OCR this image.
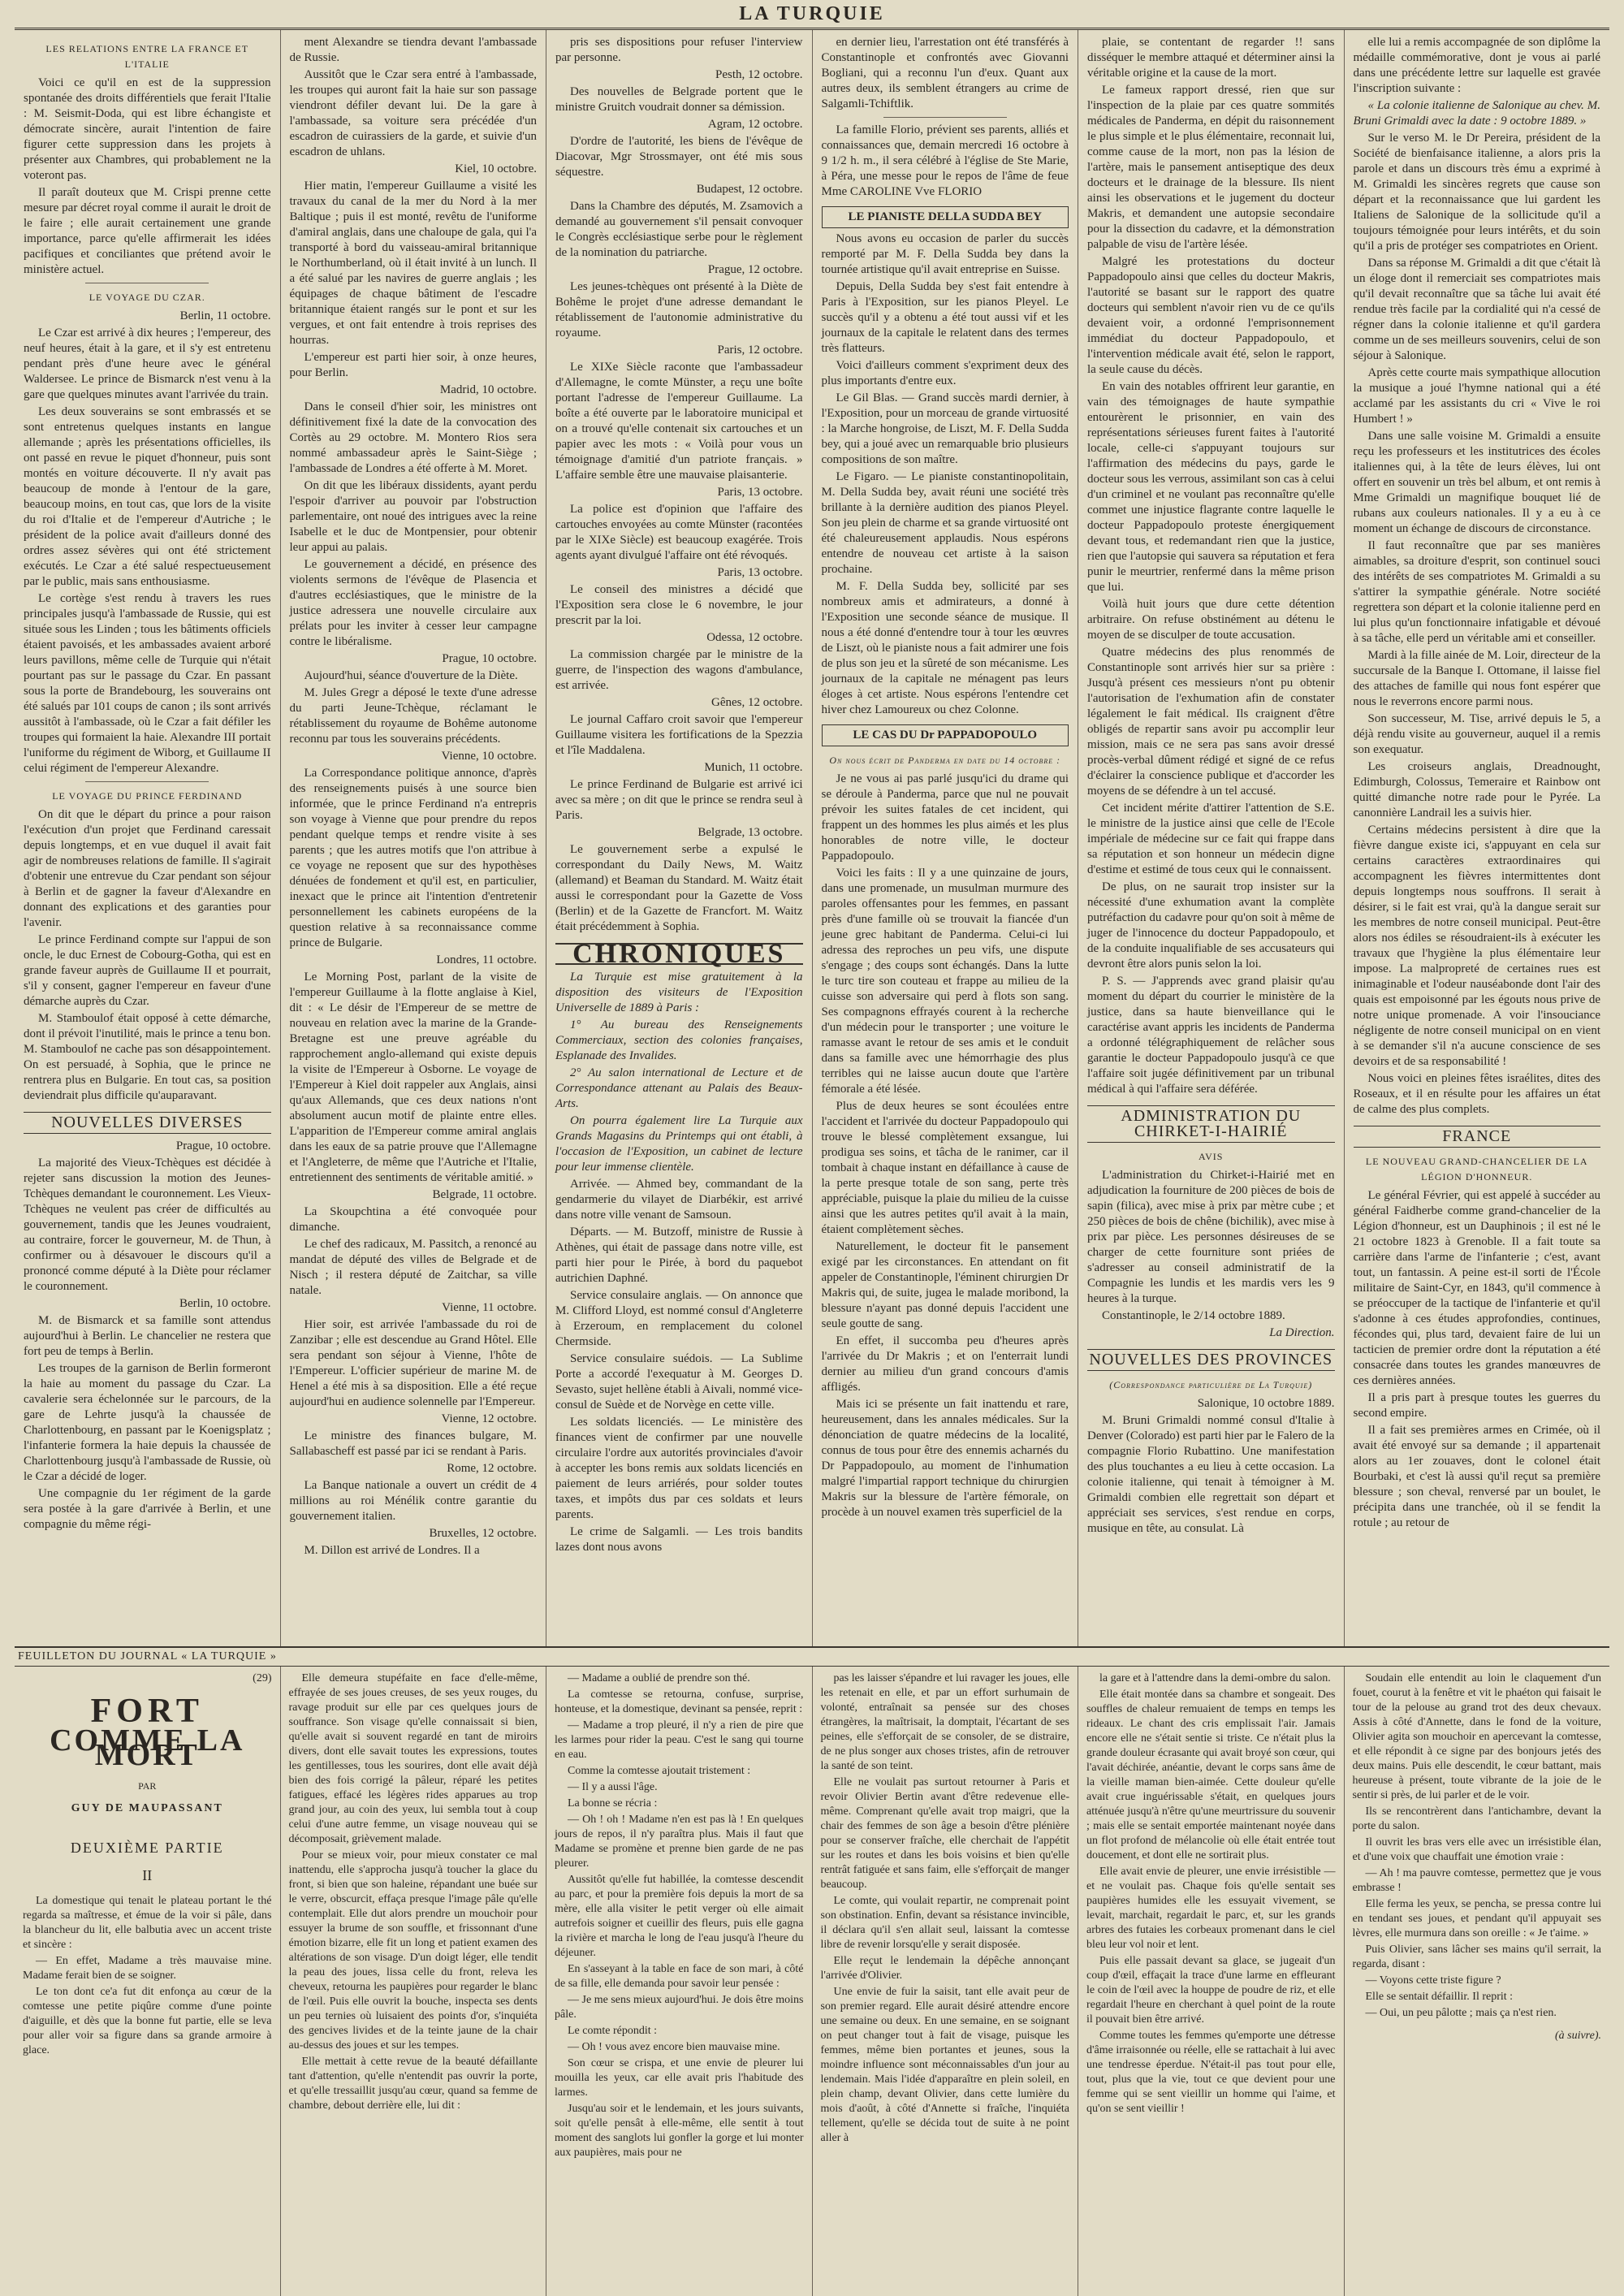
LA TURQUIE
LES RELATIONS ENTRE LA FRANCE ET L'ITALIE

Voici ce qu'il en est de la suppression spontanée des droits différentiels que ferait l'Italie : M. Seismit-Doda, qui est libre échangiste et démocrate sincère, aurait l'intention de faire figurer cette suppression dans les projets à présenter aux Chambres, qui probablement ne la voteront pas.

Il paraît douteux que M. Crispi prenne cette mesure par décret royal comme il aurait le droit de le faire ; elle aurait certainement une grande importance, parce qu'elle affirmerait les idées pacifiques et conciliantes que prétend avoir le ministère actuel.

LE VOYAGE DU CZAR.
Berlin, 11 octobre.

Le Czar est arrivé à dix heures ; l'empereur, des neuf heures, était à la gare, et il s'y est entretenu pendant près d'une heure avec le général Waldersee. Le prince de Bismarck n'est venu à la gare que quelques minutes avant l'arrivée du train.

Les deux souverains se sont embrassés et se sont entretenus quelques instants en langue allemande ; après les présentations officielles, ils ont passé en revue le piquet d'honneur, puis sont montés en voiture découverte. Il n'y avait pas beaucoup de monde à l'entour de la gare, beaucoup moins, en tout cas, que lors de la visite du roi d'Italie et de l'empereur d'Autriche ; le président de la police avait d'ailleurs donné des ordres assez sévères qui ont été strictement exécutés. Le Czar a été salué respectueusement par le public, mais sans enthousiasme.

Le cortège s'est rendu à travers les rues principales jusqu'à l'ambassade de Russie, qui est située sous les Linden ; tous les bâtiments officiels étaient pavoisés, et les ambassades avaient arboré leurs pavillons, même celle de Turquie qui n'était pourtant pas sur le passage du Czar. En passant sous la porte de Brandebourg, les souverains ont été salués par 101 coups de canon ; ils sont arrivés aussitôt à l'ambassade, où le Czar a fait défiler les troupes qui formaient la haie. Alexandre III portait l'uniforme du régiment de Wiborg, et Guillaume II celui régiment de l'empereur Alexandre.

LE VOYAGE DU PRINCE FERDINAND

On dit que le départ du prince a pour raison l'exécution d'un projet que Ferdinand caressait depuis longtemps, et en vue duquel il avait fait agir de nombreuses relations de famille. Il s'agirait d'obtenir une entrevue du Czar pendant son séjour à Berlin et de gagner la faveur d'Alexandre en donnant des explications et des garanties pour l'avenir.

Le prince Ferdinand compte sur l'appui de son oncle, le duc Ernest de Cobourg-Gotha, qui est en grande faveur auprès de Guillaume II et pourrait, s'il y consent, gagner l'empereur en faveur d'une démarche auprès du Czar.

M. Stamboulof était opposé à cette démarche, dont il prévoit l'inutilité, mais le prince a tenu bon. M. Stamboulof ne cache pas son désappointement. On est persuadé, à Sophia, que le prince ne rentrera plus en Bulgarie. En tout cas, sa position deviendrait plus difficile qu'auparavant.

NOUVELLES DIVERSES
Prague, 10 octobre.

La majorité des Vieux-Tchèques est décidée à rejeter sans discussion la motion des Jeunes-Tchèques demandant le couronnement. Les Vieux-Tchèques ne veulent pas créer de difficultés au gouvernement, tandis que les Jeunes voudraient, au contraire, forcer le gouverneur, M. de Thun, à confirmer ou à désavouer le discours qu'il a prononcé comme député à la Diète pour réclamer le couronnement.

Berlin, 10 octobre.

M. de Bismarck et sa famille sont attendus aujourd'hui à Berlin. Le chancelier ne restera que fort peu de temps à Berlin.

Les troupes de la garnison de Berlin formeront la haie au moment du passage du Czar. La cavalerie sera échelonnée sur le parcours, de la gare de Lehrte jusqu'à la chaussée de Charlottenbourg, en passant par le Koenigsplatz ; l'infanterie formera la haie depuis la chaussée de Charlottenbourg jusqu'à l'ambassade de Russie, où le Czar a décidé de loger.

Une compagnie du 1er régiment de la garde sera postée à la gare d'arrivée à Berlin, et une compagnie du même régi-

ment Alexandre se tiendra devant l'ambassade de Russie.

Aussitôt que le Czar sera entré à l'ambassade, les troupes qui auront fait la haie sur son passage viendront défiler devant lui. De la gare à l'ambassade, sa voiture sera précédée d'un escadron de cuirassiers de la garde, et suivie d'un escadron de uhlans.

Kiel, 10 octobre.

Hier matin, l'empereur Guillaume a visité les travaux du canal de la mer du Nord à la mer Baltique ; puis il est monté, revêtu de l'uniforme d'amiral anglais, dans une chaloupe de gala, qui l'a transporté à bord du vaisseau-amiral britannique le Northumberland, où il était invité à un lunch. Il a été salué par les navires de guerre anglais ; les équipages de chaque bâtiment de l'escadre britannique étaient rangés sur le pont et sur les vergues, et ont fait entendre à trois reprises des hourras.

L'empereur est parti hier soir, à onze heures, pour Berlin.

Madrid, 10 octobre.

Dans le conseil d'hier soir, les ministres ont définitivement fixé la date de la convocation des Cortès au 29 octobre. M. Montero Rios sera nommé ambassadeur après le Saint-Siège ; l'ambassade de Londres a été offerte à M. Moret.

On dit que les libéraux dissidents, ayant perdu l'espoir d'arriver au pouvoir par l'obstruction parlementaire, ont noué des intrigues avec la reine Isabelle et le duc de Montpensier, pour obtenir leur appui au palais.

Le gouvernement a décidé, en présence des violents sermons de l'évêque de Plasencia et d'autres ecclésiastiques, que le ministre de la justice adressera une nouvelle circulaire aux prélats pour les inviter à cesser leur campagne contre le libéralisme.

Prague, 10 octobre.

Aujourd'hui, séance d'ouverture de la Diète.

M. Jules Gregr a déposé le texte d'une adresse du parti Jeune-Tchèque, réclamant le rétablissement du royaume de Bohême autonome reconnu par tous les souverains précédents.

Vienne, 10 octobre.

La Correspondance politique annonce, d'après des renseignements puisés à une source bien informée, que le prince Ferdinand n'a entrepris son voyage à Vienne que pour prendre du repos pendant quelque temps et rendre visite à ses parents ; que les autres motifs que l'on attribue à ce voyage ne reposent que sur des hypothèses dénuées de fondement et qu'il est, en particulier, inexact que le prince ait l'intention d'entretenir personnellement les cabinets européens de la question relative à sa reconnaissance comme prince de Bulgarie.

Londres, 11 octobre.

Le Morning Post, parlant de la visite de l'empereur Guillaume à la flotte anglaise à Kiel, dit : « Le désir de l'Empereur de se mettre de nouveau en relation avec la marine de la Grande-Bretagne est une preuve agréable du rapprochement anglo-allemand qui existe depuis la visite de l'Empereur à Osborne. Le voyage de l'Empereur à Kiel doit rappeler aux Anglais, ainsi qu'aux Allemands, que ces deux nations n'ont absolument aucun motif de plainte entre elles. L'apparition de l'Empereur comme amiral anglais dans les eaux de sa patrie prouve que l'Allemagne et l'Angleterre, de même que l'Autriche et l'Italie, entretiennent des sentiments de véritable amitié. »

Belgrade, 11 octobre.

La Skoupchtina a été convoquée pour dimanche.

Le chef des radicaux, M. Passitch, a renoncé au mandat de député des villes de Belgrade et de Nisch ; il restera député de Zaitchar, sa ville natale.

Vienne, 11 octobre.

Hier soir, est arrivée l'ambassade du roi de Zanzibar ; elle est descendue au Grand Hôtel. Elle sera pendant son séjour à Vienne, l'hôte de l'Empereur. L'officier supérieur de marine M. de Henel a été mis à sa disposition. Elle a été reçue aujourd'hui en audience solennelle par l'Empereur.

Vienne, 12 octobre.

Le ministre des finances bulgare, M. Sallabascheff est passé par ici se rendant à Paris.

Rome, 12 octobre.

La Banque nationale a ouvert un crédit de 4 millions au roi Ménélik contre garantie du gouvernement italien.

Bruxelles, 12 octobre.

M. Dillon est arrivé de Londres. Il a

pris ses dispositions pour refuser l'interview par personne.

Pesth, 12 octobre.

Des nouvelles de Belgrade portent que le ministre Gruitch voudrait donner sa démission.

Agram, 12 octobre.

D'ordre de l'autorité, les biens de l'évêque de Diacovar, Mgr Strossmayer, ont été mis sous séquestre.

Budapest, 12 octobre.

Dans la Chambre des députés, M. Zsamovich a demandé au gouvernement s'il pensait convoquer le Congrès ecclésiastique serbe pour le règlement de la nomination du patriarche.

Prague, 12 octobre.

Les jeunes-tchèques ont présenté à la Diète de Bohême le projet d'une adresse demandant le rétablissement de l'autonomie administrative du royaume.

Paris, 12 octobre.

Le XIXe Siècle raconte que l'ambassadeur d'Allemagne, le comte Münster, a reçu une boîte portant l'adresse de l'empereur Guillaume. La boîte a été ouverte par le laboratoire municipal et on a trouvé qu'elle contenait six cartouches et un papier avec les mots : « Voilà pour vous un témoignage d'amitié d'un patriote français. » L'affaire semble être une mauvaise plaisanterie.

Paris, 13 octobre.

La police est d'opinion que l'affaire des cartouches envoyées au comte Münster (racontées par le XIXe Siècle) est beaucoup exagérée. Trois agents ayant divulgué l'affaire ont été révoqués.

Paris, 13 octobre.

Le conseil des ministres a décidé que l'Exposition sera close le 6 novembre, le jour prescrit par la loi.

Odessa, 12 octobre.

La commission chargée par le ministre de la guerre, de l'inspection des wagons d'ambulance, est arrivée.

Gênes, 12 octobre.

Le journal Caffaro croit savoir que l'empereur Guillaume visitera les fortifications de la Spezzia et l'île Maddalena.

Munich, 11 octobre.

Le prince Ferdinand de Bulgarie est arrivé ici avec sa mère ; on dit que le prince se rendra seul à Paris.

Belgrade, 13 octobre.

Le gouvernement serbe a expulsé le correspondant du Daily News, M. Waitz (allemand) et Beaman du Standard. M. Waitz était aussi le correspondant pour la Gazette de Voss (Berlin) et de la Gazette de Francfort. M. Waitz était précédemment à Sophia.

CHRONIQUES

La Turquie est mise gratuitement à la disposition des visiteurs de l'Exposition Universelle de 1889 à Paris :

1° Au bureau des Renseignements Commerciaux, section des colonies françaises, Esplanade des Invalides.

2° Au salon international de Lecture et de Correspondance attenant au Palais des Beaux-Arts.

On pourra également lire La Turquie aux Grands Magasins du Printemps qui ont établi, à l'occasion de l'Exposition, un cabinet de lecture pour leur immense clientèle.

Arrivée. — Ahmed bey, commandant de la gendarmerie du vilayet de Diarbékir, est arrivé dans notre ville venant de Samsoun.

Départs. — M. Butzoff, ministre de Russie à Athènes, qui était de passage dans notre ville, est parti hier pour le Pirée, à bord du paquebot autrichien Daphné.

Service consulaire anglais. — On annonce que M. Clifford Lloyd, est nommé consul d'Angleterre à Erzeroum, en remplacement du colonel Chermside.

Service consulaire suédois. — La Sublime Porte a accordé l'exequatur à M. Georges D. Sevasto, sujet hellène établi à Aivali, nommé vice-consul de Suède et de Norvège en cette ville.

Les soldats licenciés. — Le ministère des finances vient de confirmer par une nouvelle circulaire l'ordre aux autorités provinciales d'avoir à accepter les bons remis aux soldats licenciés en paiement de leurs arriérés, pour solder toutes taxes, et impôts dus par ces soldats et leurs parents.

Le crime de Salgamli. — Les trois bandits lazes dont nous avons

en dernier lieu, l'arrestation ont été transférés à Constantinople et confrontés avec Giovanni Bogliani, qui a reconnu l'un d'eux. Quant aux autres deux, ils semblent étrangers au crime de Salgamli-Tchiftlik.

La famille Florio, prévient ses parents, alliés et connaissances que, demain mercredi 16 octobre à 9 1/2 h. m., il sera célébré à l'église de Ste Marie, à Péra, une messe pour le repos de l'âme de feue Mme CAROLINE Vve FLORIO

LE PIANISTE DELLA SUDDA BEY

Nous avons eu occasion de parler du succès remporté par M. F. Della Sudda bey dans la tournée artistique qu'il avait entreprise en Suisse.

Depuis, Della Sudda bey s'est fait entendre à Paris à l'Exposition, sur les pianos Pleyel. Le succès qu'il y a obtenu a été tout aussi vif et les journaux de la capitale le relatent dans des termes très flatteurs.

Voici d'ailleurs comment s'expriment deux des plus importants d'entre eux.

Le Gil Blas. — Grand succès mardi dernier, à l'Exposition, pour un morceau de grande virtuosité : la Marche hongroise, de Liszt, M. F. Della Sudda bey, qui a joué avec un remarquable brio plusieurs compositions de son maître.

Le Figaro. — Le pianiste constantinopolitain, M. Della Sudda bey, avait réuni une société très brillante à la dernière audition des pianos Pleyel. Son jeu plein de charme et sa grande virtuosité ont été chaleureusement applaudis. Nous espérons entendre de nouveau cet artiste à la saison prochaine.

M. F. Della Sudda bey, sollicité par ses nombreux amis et admirateurs, a donné à l'Exposition une seconde séance de musique. Il nous a été donné d'entendre tour à tour les œuvres de Liszt, où le pianiste nous a fait admirer une fois de plus son jeu et la sûreté de son mécanisme. Les journaux de la capitale ne ménagent pas leurs éloges à cet artiste. Nous espérons l'entendre cet hiver chez Lamoureux ou chez Colonne.

LE CAS DU Dr PAPPADOPOULO
On nous écrit de Panderma en date du 14 octobre :

Je ne vous ai pas parlé jusqu'ici du drame qui se déroule à Panderma, parce que nul ne pouvait prévoir les suites fatales de cet incident, qui frappent un des hommes les plus aimés et les plus honorables de notre ville, le docteur Pappadopoulo.

Voici les faits : Il y a une quinzaine de jours, dans une promenade, un musulman murmure des paroles offensantes pour les femmes, en passant près d'une famille où se trouvait la fiancée d'un jeune grec habitant de Panderma. Celui-ci lui adressa des reproches un peu vifs, une dispute s'engage ; des coups sont échangés. Dans la lutte le turc tire son couteau et frappe au milieu de la cuisse son adversaire qui perd à flots son sang. Ses compagnons effrayés courent à la recherche d'un médecin pour le transporter ; une voiture le ramasse avant le retour de ses amis et le conduit dans sa famille avec une hémorrhagie des plus terribles qui ne laisse aucun doute que l'artère fémorale a été lésée.

Plus de deux heures se sont écoulées entre l'accident et l'arrivée du docteur Pappadopoulo qui trouve le blessé complètement exsangue, lui prodigua ses soins, et tâcha de le ranimer, car il tombait à chaque instant en défaillance à cause de la perte presque totale de son sang, perte très appréciable, puisque la plaie du milieu de la cuisse ainsi que les autres petites qu'il avait à la main, étaient complètement sèches.

Naturellement, le docteur fit le pansement exigé par les circonstances. En attendant on fit appeler de Constantinople, l'éminent chirurgien Dr Makris qui, de suite, jugea le malade moribond, la blessure n'ayant pas donné depuis l'accident une seule goutte de sang.

En effet, il succomba peu d'heures après l'arrivée du Dr Makris ; et on l'enterrait lundi dernier au milieu d'un grand concours d'amis affligés.

Mais ici se présente un fait inattendu et rare, heureusement, dans les annales médicales. Sur la dénonciation de quatre médecins de la localité, connus de tous pour être des ennemis acharnés du Dr Pappadopoulo, au moment de l'inhumation malgré l'impartial rapport technique du chirurgien Makris sur la blessure de l'artère fémorale, on procède à un nouvel examen très superficiel de la

plaie, se contentant de regarder !! sans disséquer le membre attaqué et déterminer ainsi la véritable origine et la cause de la mort.

Le fameux rapport dressé, rien que sur l'inspection de la plaie par ces quatre sommités médicales de Panderma, en dépit du raisonnement le plus simple et le plus élémentaire, reconnait lui, comme cause de la mort, non pas la lésion de l'artère, mais le pansement antiseptique des deux docteurs et le drainage de la blessure. Ils nient ainsi les observations et le jugement du docteur Makris, et demandent une autopsie secondaire pour la dissection du cadavre, et la démonstration palpable de visu de l'artère lésée.

Malgré les protestations du docteur Pappadopoulo ainsi que celles du docteur Makris, l'autorité se basant sur le rapport des quatre docteurs qui semblent n'avoir rien vu de ce qu'ils devaient voir, a ordonné l'emprisonnement immédiat du docteur Pappadopoulo, et l'intervention médicale avait été, selon le rapport, la seule cause du décès.

En vain des notables offrirent leur garantie, en vain des témoignages de haute sympathie entourèrent le prisonnier, en vain des représentations sérieuses furent faites à l'autorité locale, celle-ci s'appuyant toujours sur l'affirmation des médecins du pays, garde le docteur sous les verrous, assimilant son cas à celui d'un criminel et ne voulant pas reconnaître qu'elle commet une injustice flagrante contre laquelle le docteur Pappadopoulo proteste énergiquement devant tous, et redemandant rien que la justice, rien que l'autopsie qui sauvera sa réputation et fera punir le meurtrier, renfermé dans la même prison que lui.

Voilà huit jours que dure cette détention arbitraire. On refuse obstinément au détenu le moyen de se disculper de toute accusation.

Quatre médecins des plus renommés de Constantinople sont arrivés hier sur sa prière : Jusqu'à présent ces messieurs n'ont pu obtenir l'autorisation de l'exhumation afin de constater légalement le fait médical. Ils craignent d'être obligés de repartir sans avoir pu accomplir leur mission, mais ce ne sera pas sans avoir dressé procès-verbal dûment rédigé et signé de ce refus d'éclairer la conscience publique et d'accorder les moyens de se défendre à un tel accusé.

Cet incident mérite d'attirer l'attention de S.E. le ministre de la justice ainsi que celle de l'Ecole impériale de médecine sur ce fait qui frappe dans sa réputation et son honneur un médecin digne d'estime et estimé de tous ceux qui le connaissent.

De plus, on ne saurait trop insister sur la nécessité d'une exhumation avant la complète putréfaction du cadavre pour qu'on soit à même de juger de l'innocence du docteur Pappadopoulo, et de la conduite inqualifiable de ses accusateurs qui devront être alors punis selon la loi.

P. S. — J'apprends avec grand plaisir qu'au moment du départ du courrier le ministère de la justice, dans sa haute bienveillance qui le caractérise avant appris les incidents de Panderma a ordonné télégraphiquement de relâcher sous garantie le docteur Pappadopoulo jusqu'à ce que l'affaire soit jugée définitivement par un tribunal médical à qui l'affaire sera déférée.

ADMINISTRATION DU CHIRKET-I-HAIRIÉ
AVIS

L'administration du Chirket-i-Hairié met en adjudication la fourniture de 200 pièces de bois de sapin (filica), avec mise à prix par mètre cube ; et 250 pièces de bois de chêne (bichilik), avec mise à prix par pièce. Les personnes désireuses de se charger de cette fourniture sont priées de s'adresser au conseil administratif de la Compagnie les lundis et les mardis vers les 9 heures à la turque.

Constantinople, le 2/14 octobre 1889.

La Direction.
NOUVELLES DES PROVINCES
(Correspondance particulière de La Turquie)
Salonique, 10 octobre 1889.

M. Bruni Grimaldi nommé consul d'Italie à Denver (Colorado) est parti hier par le Falero de la compagnie Florio Rubattino. Une manifestation des plus touchantes a eu lieu à cette occasion. La colonie italienne, qui tenait à témoigner à M. Grimaldi combien elle regrettait son départ et appréciait ses services, s'est rendue en corps, musique en tête, au consulat. Là

elle lui a remis accompagnée de son diplôme la médaille commémorative, dont je vous ai parlé dans une précédente lettre sur laquelle est gravée l'inscription suivante :

« La colonie italienne de Salonique au chev. M. Bruni Grimaldi avec la date : 9 octobre 1889. »

Sur le verso M. le Dr Pereira, président de la Société de bienfaisance italienne, a alors pris la parole et dans un discours très ému a exprimé à M. Grimaldi les sincères regrets que cause son départ et la reconnaissance que lui gardent les Italiens de Salonique de la sollicitude qu'il a toujours témoignée pour leurs intérêts, et du soin qu'il a pris de protéger ses compatriotes en Orient.

Dans sa réponse M. Grimaldi a dit que c'était là un éloge dont il remerciait ses compatriotes mais qu'il devait reconnaître que sa tâche lui avait été rendue très facile par la cordialité qui n'a cessé de régner dans la colonie italienne et qu'il gardera comme un de ses meilleurs souvenirs, celui de son séjour à Salonique.

Après cette courte mais sympathique allocution la musique a joué l'hymne national qui a été acclamé par les assistants du cri « Vive le roi Humbert ! »

Dans une salle voisine M. Grimaldi a ensuite reçu les professeurs et les institutrices des écoles italiennes qui, à la tête de leurs élèves, lui ont offert en souvenir un très bel album, et ont remis à Mme Grimaldi un magnifique bouquet lié de rubans aux couleurs nationales. Il y a eu à ce moment un échange de discours de circonstance.

Il faut reconnaître que par ses manières aimables, sa droiture d'esprit, son continuel souci des intérêts de ses compatriotes M. Grimaldi a su s'attirer la sympathie générale. Notre société regrettera son départ et la colonie italienne perd en lui plus qu'un fonctionnaire infatigable et dévoué à sa tâche, elle perd un véritable ami et conseiller.

Mardi à la fille ainée de M. Loir, directeur de la succursale de la Banque I. Ottomane, il laisse fiel des attaches de famille qui nous font espérer que nous le reverrons encore parmi nous.

Son successeur, M. Tise, arrivé depuis le 5, a déjà rendu visite au gouverneur, auquel il a remis son exequatur.

Les croiseurs anglais, Dreadnought, Edimburgh, Colossus, Temeraire et Rainbow ont quitté dimanche notre rade pour le Pyrée. La canonnière Landrail les a suivis hier.

Certains médecins persistent à dire que la fièvre dangue existe ici, s'appuyant en cela sur certains caractères extraordinaires qui accompagnent les fièvres intermittentes dont depuis longtemps nous souffrons. Il serait à désirer, si le fait est vrai, qu'à la dangue serait sur les membres de notre conseil municipal. Peut-être alors nos édiles se résoudraient-ils à exécuter les travaux que l'hygiène la plus élémentaire leur impose. La malpropreté de certaines rues est inimaginable et l'odeur nauséabonde dont l'air des quais est empoisonné par les égouts nous prive de notre unique promenade. A voir l'insouciance négligente de notre conseil municipal on en vient à se demander s'il n'a aucune conscience de ses devoirs et de sa responsabilité !

Nous voici en pleines fêtes israélites, dites des Roseaux, et il en résulte pour les affaires un état de calme des plus complets.

FRANCE
LE NOUVEAU GRAND-CHANCELIER DE LA LÉGION D'HONNEUR.

Le général Février, qui est appelé à succéder au général Faidherbe comme grand-chancelier de la Légion d'honneur, est un Dauphinois ; il est né le 21 octobre 1823 à Grenoble. Il a fait toute sa carrière dans l'arme de l'infanterie ; c'est, avant tout, un fantassin. A peine est-il sorti de l'École militaire de Saint-Cyr, en 1843, qu'il commence à se préoccuper de la tactique de l'infanterie et qu'il s'adonne à ces études approfondies, continues, fécondes qui, plus tard, devaient faire de lui un tacticien de premier ordre dont la réputation a été consacrée dans toutes les grandes manœuvres de ces dernières années.

Il a pris part à presque toutes les guerres du second empire.

Il a fait ses premières armes en Crimée, où il avait été envoyé sur sa demande ; il appartenait alors au 1er zouaves, dont le colonel était Bourbaki, et c'est là aussi qu'il reçut sa première blessure ; son cheval, renversé par un boulet, le précipita dans une tranchée, où il se fendit la rotule ; au retour de

FEUILLETON DU JOURNAL « LA TURQUIE »
(29)
FORT
COMME LA MORT
PAR
GUY DE MAUPASSANT
DEUXIÈME PARTIE
II

La domestique qui tenait le plateau portant le thé regarda sa maîtresse, et émue de la voir si pâle, dans la blancheur du lit, elle balbutia avec un accent triste et sincère :

— En effet, Madame a très mauvaise mine. Madame ferait bien de se soigner.

Le ton dont ce'a fut dit enfonça au cœur de la comtesse une petite piqûre comme d'une pointe d'aiguille, et dès que la bonne fut partie, elle se leva pour aller voir sa figure dans sa grande armoire à glace.

Elle demeura stupéfaite en face d'elle-même, effrayée de ses joues creuses, de ses yeux rouges, du ravage produit sur elle par ces quelques jours de souffrance. Son visage qu'elle connaissait si bien, qu'elle avait si souvent regardé en tant de miroirs divers, dont elle savait toutes les expressions, toutes les gentillesses, tous les sourires, dont elle avait déjà bien des fois corrigé la pâleur, réparé les petites fatigues, effacé les légères rides apparues au trop grand jour, au coin des yeux, lui sembla tout à coup celui d'une autre femme, un visage nouveau qui se décomposait, grièvement malade.

Pour se mieux voir, pour mieux constater ce mal inattendu, elle s'approcha jusqu'à toucher la glace du front, si bien que son haleine, répandant une buée sur le verre, obscurcit, effaça presque l'image pâle qu'elle contemplait. Elle dut alors prendre un mouchoir pour essuyer la brume de son souffle, et frissonnant d'une émotion bizarre, elle fit un long et patient examen des altérations de son visage. D'un doigt léger, elle tendit la peau des joues, lissa celle du front, releva les cheveux, retourna les paupières pour regarder le blanc de l'œil. Puis elle ouvrit la bouche, inspecta ses dents un peu ternies où luisaient des points d'or, s'inquiéta des gencives livides et de la teinte jaune de la chair au-dessus des joues et sur les tempes.

Elle mettait à cette revue de la beauté défaillante tant d'attention, qu'elle n'entendit pas ouvrir la porte, et qu'elle tressaillit jusqu'au cœur, quand sa femme de chambre, debout derrière elle, lui dit :

— Madame a oublié de prendre son thé.

La comtesse se retourna, confuse, surprise, honteuse, et la domestique, devinant sa pensée, reprit :

— Madame a trop pleuré, il n'y a rien de pire que les larmes pour rider la peau. C'est le sang qui tourne en eau.

Comme la comtesse ajoutait tristement :

— Il y a aussi l'âge.

La bonne se récria :

— Oh ! oh ! Madame n'en est pas là ! En quelques jours de repos, il n'y paraîtra plus. Mais il faut que Madame se promène et prenne bien garde de ne pas pleurer.

Aussitôt qu'elle fut habillée, la comtesse descendit au parc, et pour la première fois depuis la mort de sa mère, elle alla visiter le petit verger où elle aimait autrefois soigner et cueillir des fleurs, puis elle gagna la rivière et marcha le long de l'eau jusqu'à l'heure du déjeuner.

En s'asseyant à la table en face de son mari, à côté de sa fille, elle demanda pour savoir leur pensée :

— Je me sens mieux aujourd'hui. Je dois être moins pâle.

Le comte répondit :

— Oh ! vous avez encore bien mauvaise mine.

Son cœur se crispa, et une envie de pleurer lui mouilla les yeux, car elle avait pris l'habitude des larmes.

Jusqu'au soir et le lendemain, et les jours suivants, soit qu'elle pensât à elle-même, elle sentit à tout moment des sanglots lui gonfler la gorge et lui monter aux paupières, mais pour ne

pas les laisser s'épandre et lui ravager les joues, elle les retenait en elle, et par un effort surhumain de volonté, entraînait sa pensée sur des choses étrangères, la maîtrisait, la domptait, l'écartant de ses peines, elle s'efforçait de se consoler, de se distraire, de ne plus songer aux choses tristes, afin de retrouver la santé de son teint.

Elle ne voulait pas surtout retourner à Paris et revoir Olivier Bertin avant d'être redevenue elle-même. Comprenant qu'elle avait trop maigri, que la chair des femmes de son âge a besoin d'être plénière pour se conserver fraîche, elle cherchait de l'appétit sur les routes et dans les bois voisins et bien qu'elle rentrât fatiguée et sans faim, elle s'efforçait de manger beaucoup.

Le comte, qui voulait repartir, ne comprenait point son obstination. Enfin, devant sa résistance invincible, il déclara qu'il s'en allait seul, laissant la comtesse libre de revenir lorsqu'elle y serait disposée.

Elle reçut le lendemain la dépêche annonçant l'arrivée d'Olivier.

Une envie de fuir la saisit, tant elle avait peur de son premier regard. Elle aurait désiré attendre encore une semaine ou deux. En une semaine, en se soignant on peut changer tout à fait de visage, puisque les femmes, même bien portantes et jeunes, sous la moindre influence sont méconnaissables d'un jour au lendemain. Mais l'idée d'apparaître en plein soleil, en plein champ, devant Olivier, dans cette lumière du mois d'août, à côté d'Annette si fraîche, l'inquiéta tellement, qu'elle se décida tout de suite à ne point aller à

la gare et à l'attendre dans la demi-ombre du salon.

Elle était montée dans sa chambre et songeait. Des souffles de chaleur remuaient de temps en temps les rideaux. Le chant des cris emplissait l'air. Jamais encore elle ne s'était sentie si triste. Ce n'était plus la grande douleur écrasante qui avait broyé son cœur, qui l'avait déchirée, anéantie, devant le corps sans âme de la vieille maman bien-aimée. Cette douleur qu'elle avait crue inguérissable s'était, en quelques jours atténuée jusqu'à n'être qu'une meurtrissure du souvenir ; mais elle se sentait emportée maintenant noyée dans un flot profond de mélancolie où elle était entrée tout doucement, et dont elle ne sortirait plus.

Elle avait envie de pleurer, une envie irrésistible — et ne voulait pas. Chaque fois qu'elle sentait ses paupières humides elle les essuyait vivement, se levait, marchait, regardait le parc, et, sur les grands arbres des futaies les corbeaux promenant dans le ciel bleu leur vol noir et lent.

Puis elle passait devant sa glace, se jugeait d'un coup d'œil, effaçait la trace d'une larme en effleurant le coin de l'œil avec la houppe de poudre de riz, et elle regardait l'heure en cherchant à quel point de la route il pouvait bien être arrivé.

Comme toutes les femmes qu'emporte une détresse d'âme irraisonnée ou réelle, elle se rattachait à lui avec une tendresse éperdue. N'était-il pas tout pour elle, tout, plus que la vie, tout ce que devient pour une femme qui se sent vieillir un homme qui l'aime, et qu'on se sent vieillir !

Soudain elle entendit au loin le claquement d'un fouet, courut à la fenêtre et vit le phaéton qui faisait le tour de la pelouse au grand trot des deux chevaux. Assis à côté d'Annette, dans le fond de la voiture, Olivier agita son mouchoir en apercevant la comtesse, et elle répondit à ce signe par des bonjours jetés des deux mains. Puis elle descendit, le cœur battant, mais heureuse à présent, toute vibrante de la joie de le sentir si près, de lui parler et de le voir.

Ils se rencontrèrent dans l'antichambre, devant la porte du salon.

Il ouvrit les bras vers elle avec un irrésistible élan, et d'une voix que chauffait une émotion vraie :

— Ah ! ma pauvre comtesse, permettez que je vous embrasse !

Elle ferma les yeux, se pencha, se pressa contre lui en tendant ses joues, et pendant qu'il appuyait ses lèvres, elle murmura dans son oreille : « Je t'aime. »

Puis Olivier, sans lâcher ses mains qu'il serrait, la regarda, disant :

— Voyons cette triste figure ?

Elle se sentait défaillir. Il reprit :

— Oui, un peu pâlotte ; mais ça n'est rien.

(à suivre).
